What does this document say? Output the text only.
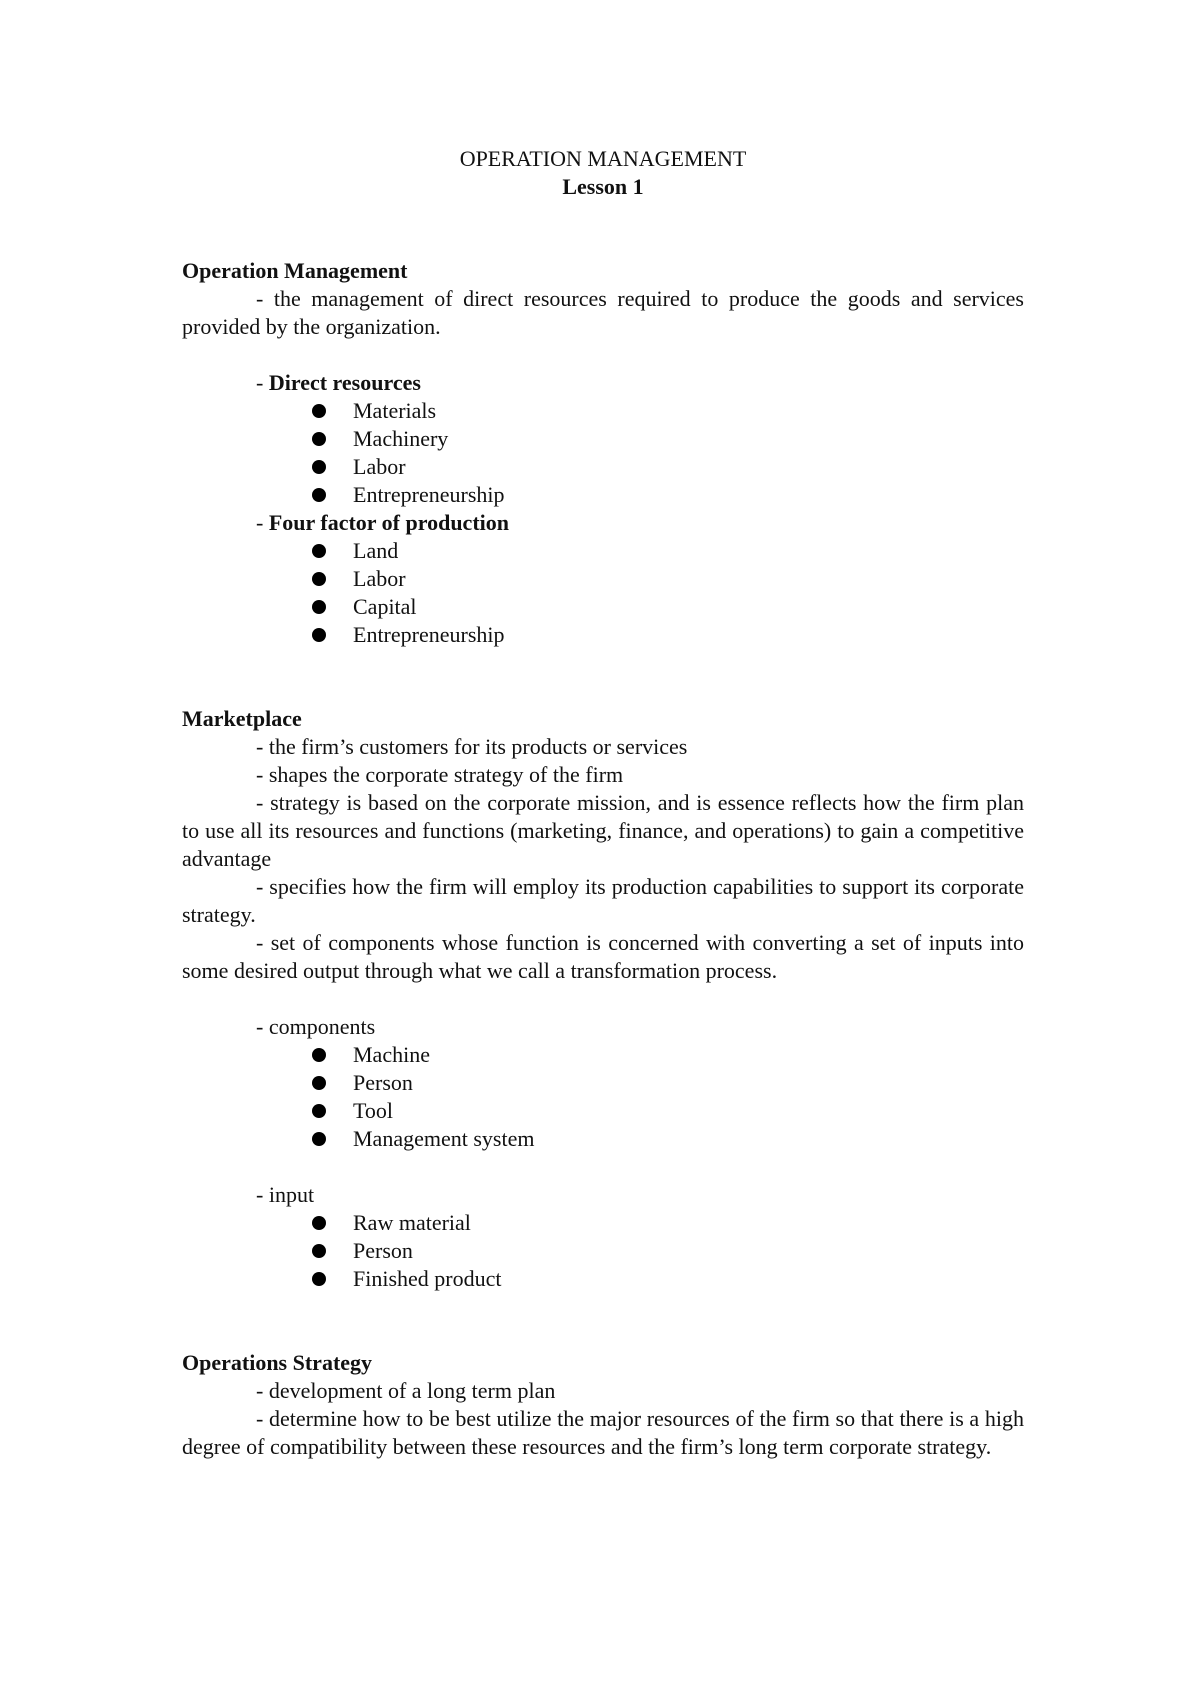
OPERATION MANAGEMENT
Lesson 1
Operation Management
- the management of direct resources required to produce the goods and services provided by the organization.
- Direct resources
Materials
Machinery
Labor
Entrepreneurship
- Four factor of production
Land
Labor
Capital
Entrepreneurship
Marketplace
- the firm’s customers for its products or services
- shapes the corporate strategy of the firm
- strategy is based on the corporate mission, and is essence reflects how the firm plan to use all its resources and functions (marketing, finance, and operations) to gain a competitive advantage
- specifies how the firm will employ its production capabilities to support its corporate strategy.
- set of components whose function is concerned with converting a set of inputs into some desired output through what we call a transformation process.
- components
Machine
Person
Tool
Management system
- input
Raw material
Person
Finished product
Operations Strategy
- development of a long term plan
- determine how to be best utilize the major resources of the firm so that there is a high degree of compatibility between these resources and the firm’s long term corporate strategy.
